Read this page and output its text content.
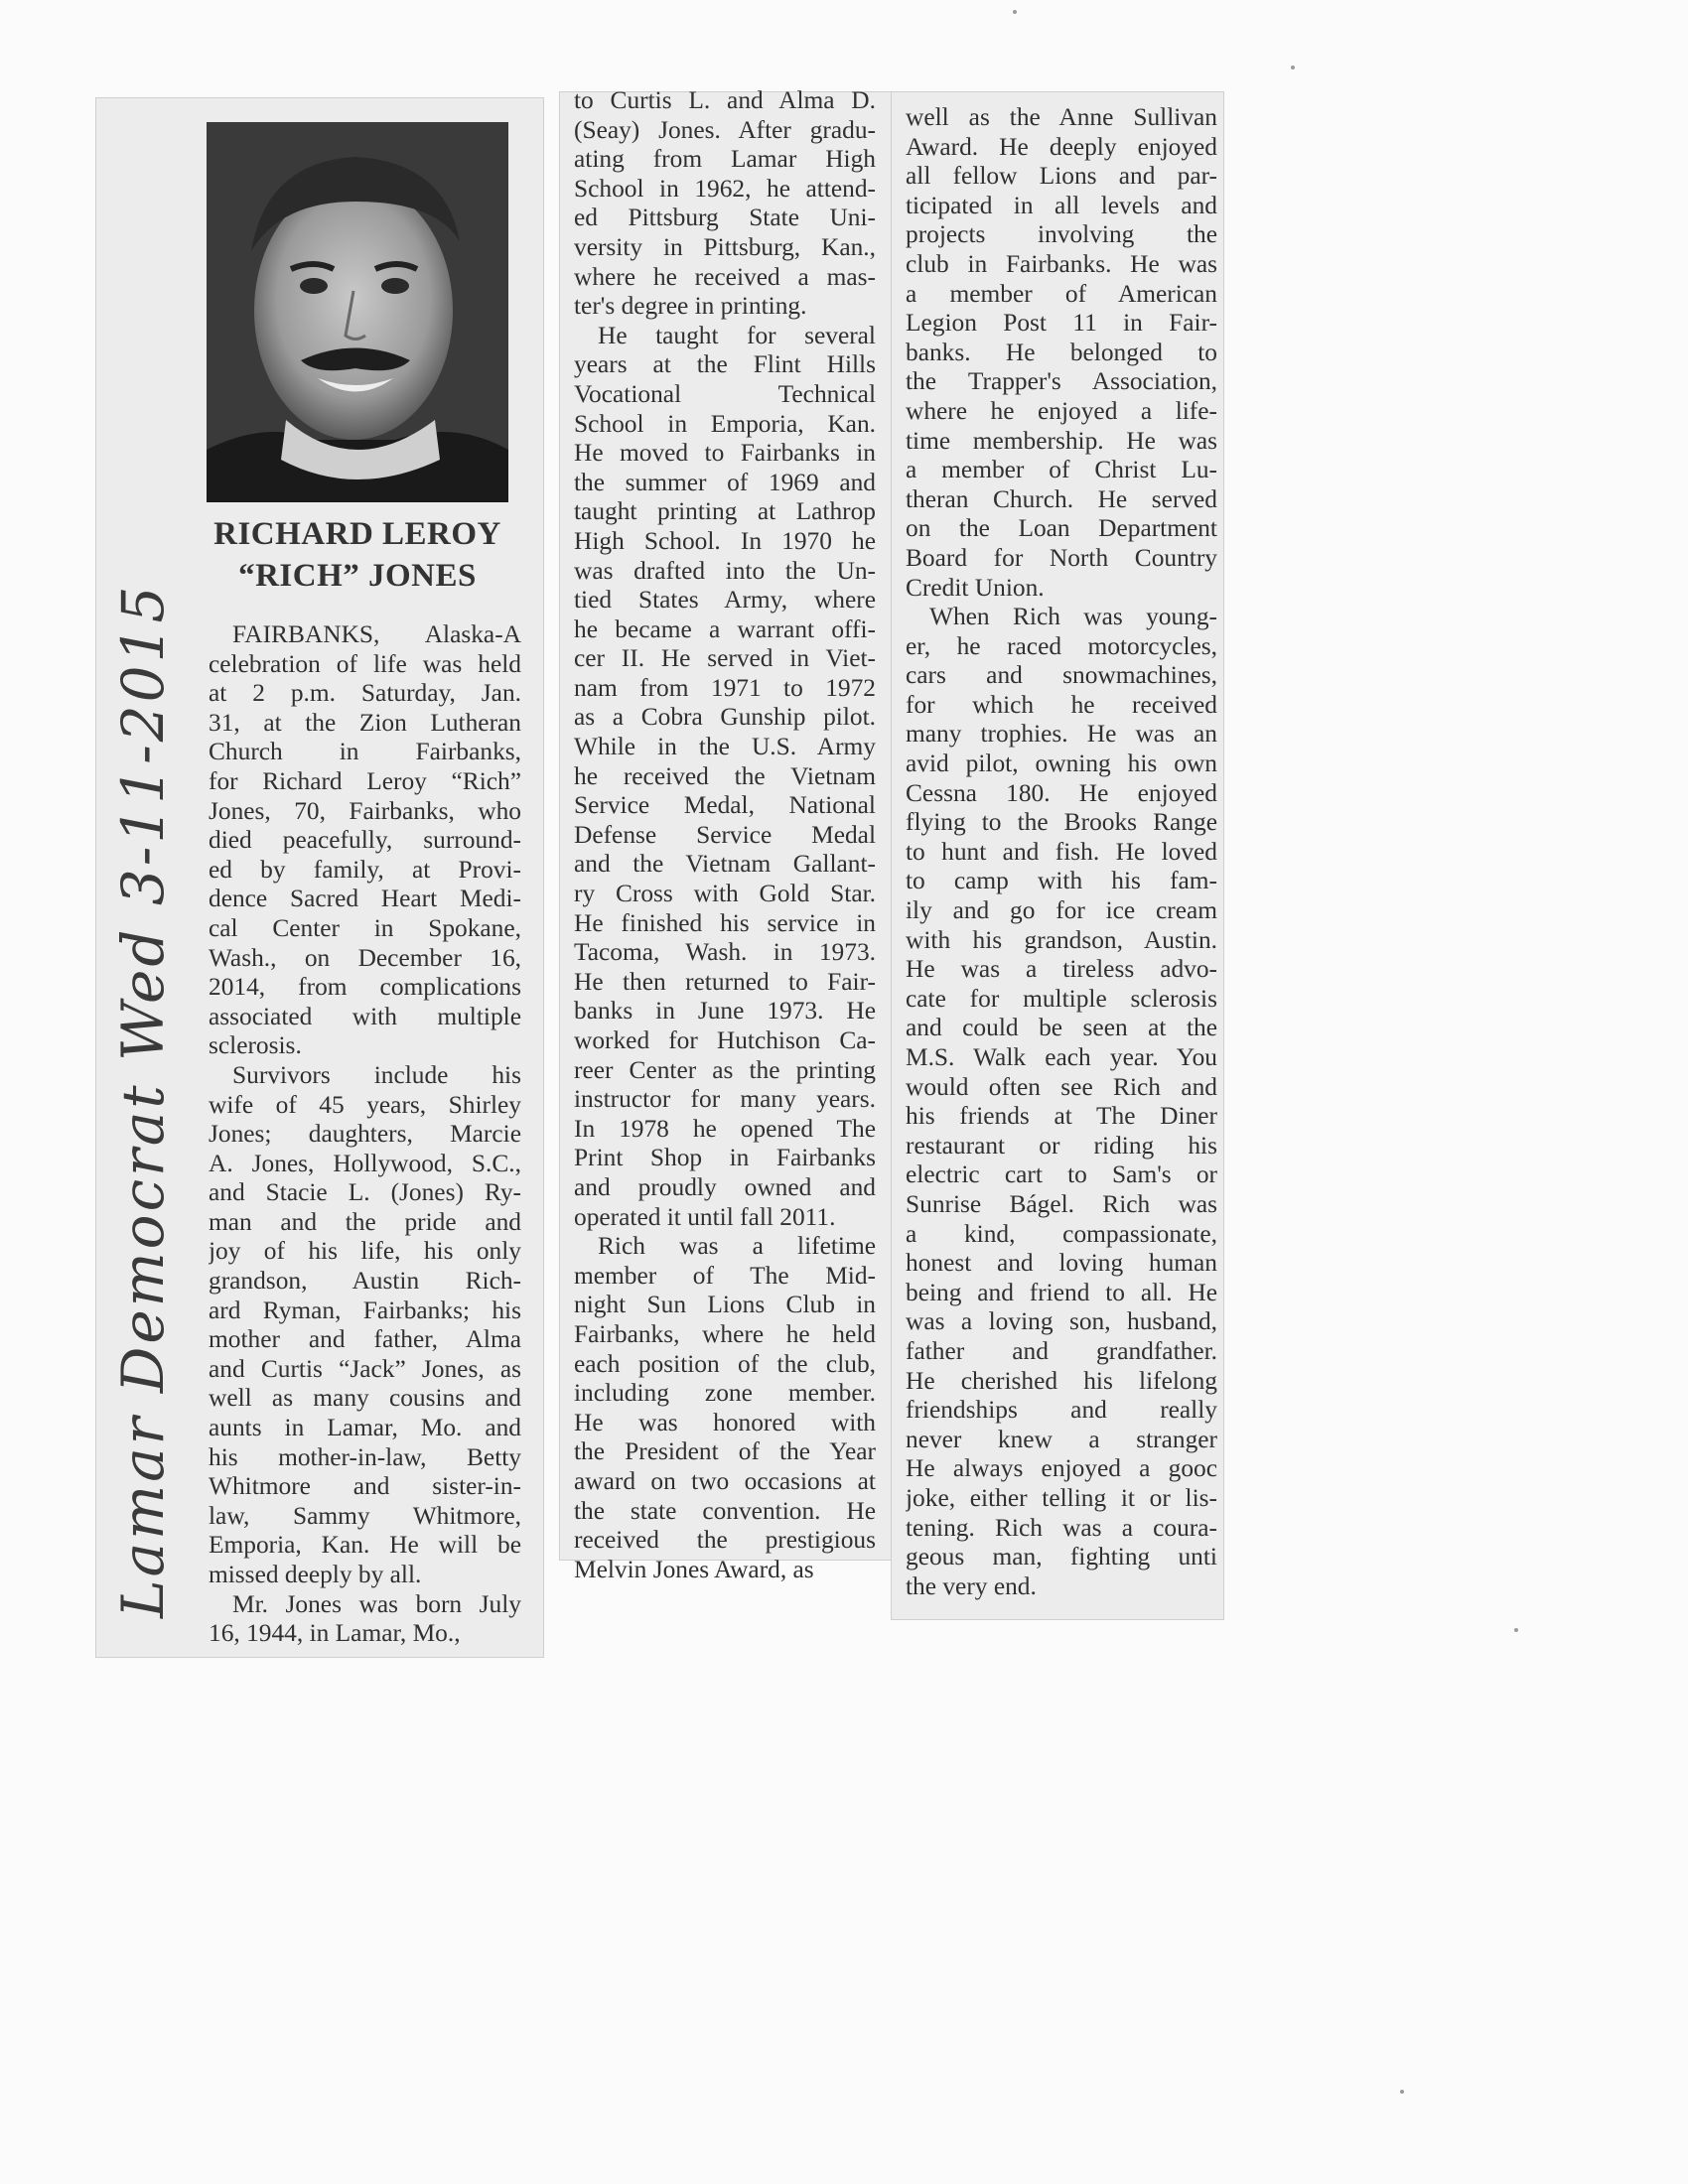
Lamar Democrat Wed 3-11-2015
RICHARD LEROY
“RICH” JONES
FAIRBANKS, Alaska-A
celebration of life was held
at 2 p.m. Saturday, Jan.
31, at the Zion Lutheran
Church in Fairbanks,
for Richard Leroy “Rich”
Jones, 70, Fairbanks, who
died peacefully, surround-
ed by family, at Provi-
dence Sacred Heart Medi-
cal Center in Spokane,
Wash., on December 16,
2014, from complications
associated with multiple
sclerosis.
Survivors include his
wife of 45 years, Shirley
Jones; daughters, Marcie
A. Jones, Hollywood, S.C.,
and Stacie L. (Jones) Ry-
man and the pride and
joy of his life, his only
grandson, Austin Rich-
ard Ryman, Fairbanks; his
mother and father, Alma
and Curtis “Jack” Jones, as
well as many cousins and
aunts in Lamar, Mo. and
his mother-in-law, Betty
Whitmore and sister-in-
law, Sammy Whitmore,
Emporia, Kan. He will be
missed deeply by all.
Mr. Jones was born July
16, 1944, in Lamar, Mo.,
to Curtis L. and Alma D.
(Seay) Jones. After gradu-
ating from Lamar High
School in 1962, he attend-
ed Pittsburg State Uni-
versity in Pittsburg, Kan.,
where he received a mas-
ter's degree in printing.
He taught for several
years at the Flint Hills
Vocational Technical
School in Emporia, Kan.
He moved to Fairbanks in
the summer of 1969 and
taught printing at Lathrop
High School. In 1970 he
was drafted into the Un-
tied States Army, where
he became a warrant offi-
cer II. He served in Viet-
nam from 1971 to 1972
as a Cobra Gunship pilot.
While in the U.S. Army
he received the Vietnam
Service Medal, National
Defense Service Medal
and the Vietnam Gallant-
ry Cross with Gold Star.
He finished his service in
Tacoma, Wash. in 1973.
He then returned to Fair-
banks in June 1973. He
worked for Hutchison Ca-
reer Center as the printing
instructor for many years.
In 1978 he opened The
Print Shop in Fairbanks
and proudly owned and
operated it until fall 2011.
Rich was a lifetime
member of The Mid-
night Sun Lions Club in
Fairbanks, where he held
each position of the club,
including zone member.
He was honored with
the President of the Year
award on two occasions at
the state convention. He
received the prestigious
Melvin Jones Award, as
well as the Anne Sullivan
Award. He deeply enjoyed
all fellow Lions and par-
ticipated in all levels and
projects involving the
club in Fairbanks. He was
a member of American
Legion Post 11 in Fair-
banks. He belonged to
the Trapper's Association,
where he enjoyed a life-
time membership. He was
a member of Christ Lu-
theran Church. He served
on the Loan Department
Board for North Country
Credit Union.
When Rich was young-
er, he raced motorcycles,
cars and snowmachines,
for which he received
many trophies. He was an
avid pilot, owning his own
Cessna 180. He enjoyed
flying to the Brooks Range
to hunt and fish. He loved
to camp with his fam-
ily and go for ice cream
with his grandson, Austin.
He was a tireless advo-
cate for multiple sclerosis
and could be seen at the
M.S. Walk each year. You
would often see Rich and
his friends at The Diner
restaurant or riding his
electric cart to Sam's or
Sunrise Bágel. Rich was
a kind, compassionate,
honest and loving human
being and friend to all. He
was a loving son, husband,
father and grandfather.
He cherished his lifelong
friendships and really
never knew a stranger
He always enjoyed a gooc
joke, either telling it or lis-
tening. Rich was a coura-
geous man, fighting unti
the very end.
